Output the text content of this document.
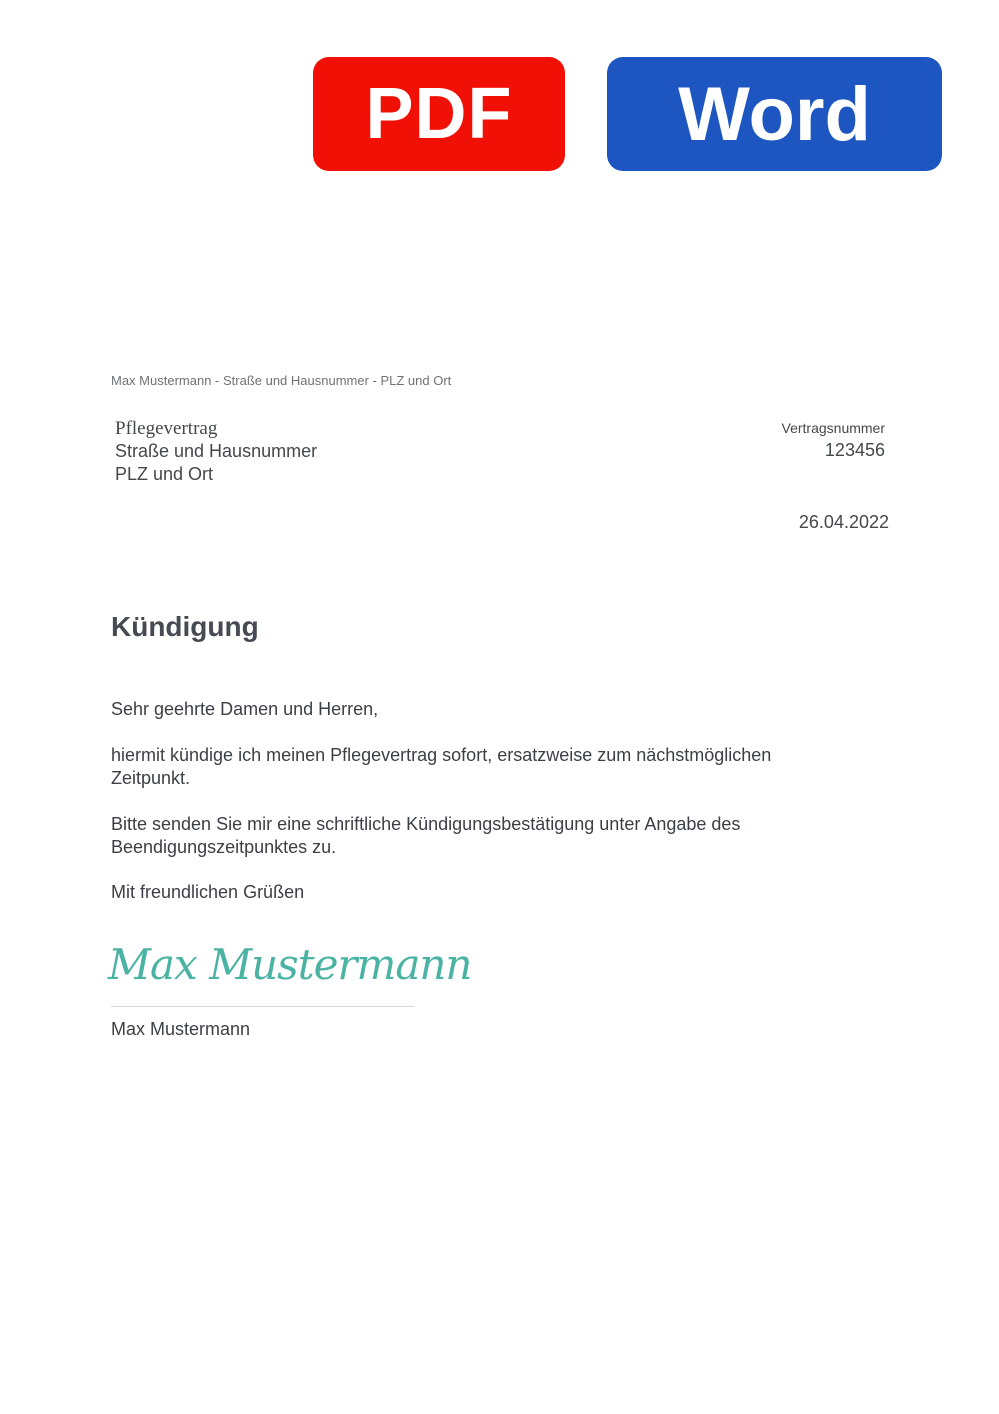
PDF	Word
Max Mustermann - Straße und Hausnummer - PLZ und Ort
Pflegevertrag
Straße und Hausnummer
PLZ und Ort
Vertragsnummer
123456
26.04.2022
Kündigung

Sehr geehrte Damen und Herren,

hiermit kündige ich meinen Pflegevertrag sofort, ersatzweise zum nächstmöglichen
Zeitpunkt.
Bitte senden Sie mir eine schriftliche Kündigungsbestätigung unter Angabe des
Beendigungszeitpunktes zu.

Mit freundlichen Grüßen

Max Mustermann
Max Mustermann
